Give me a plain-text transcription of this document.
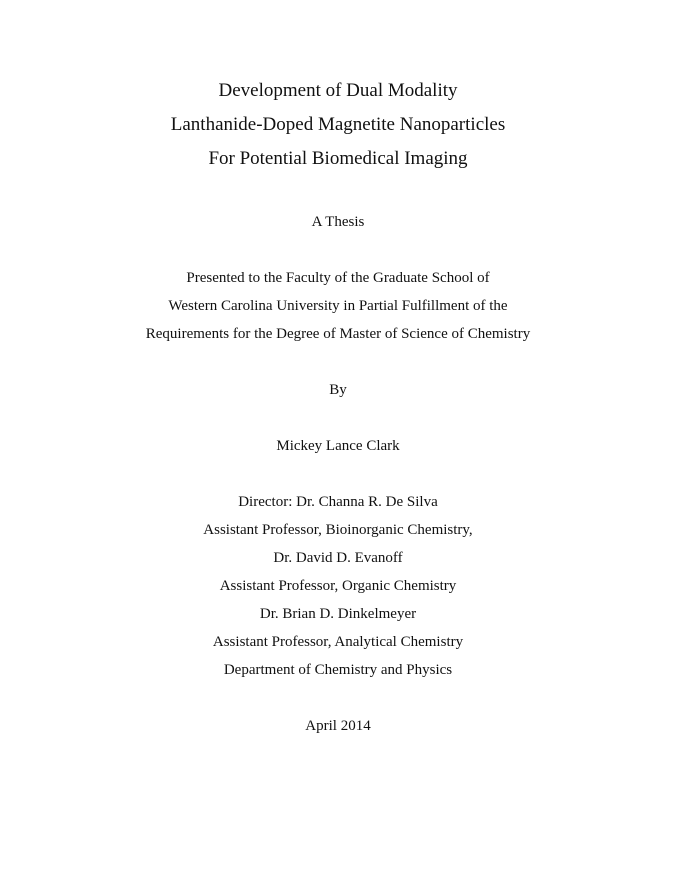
Development of Dual Modality
Lanthanide-Doped Magnetite Nanoparticles
For Potential Biomedical Imaging
A Thesis
Presented to the Faculty of the Graduate School of
Western Carolina University in Partial Fulfillment of the
Requirements for the Degree of Master of Science of Chemistry
By
Mickey Lance Clark
Director: Dr. Channa R. De Silva
Assistant Professor, Bioinorganic Chemistry,
Dr. David D. Evanoff
Assistant Professor, Organic Chemistry
Dr. Brian D. Dinkelmeyer
Assistant Professor, Analytical Chemistry
Department of Chemistry and Physics
April 2014
